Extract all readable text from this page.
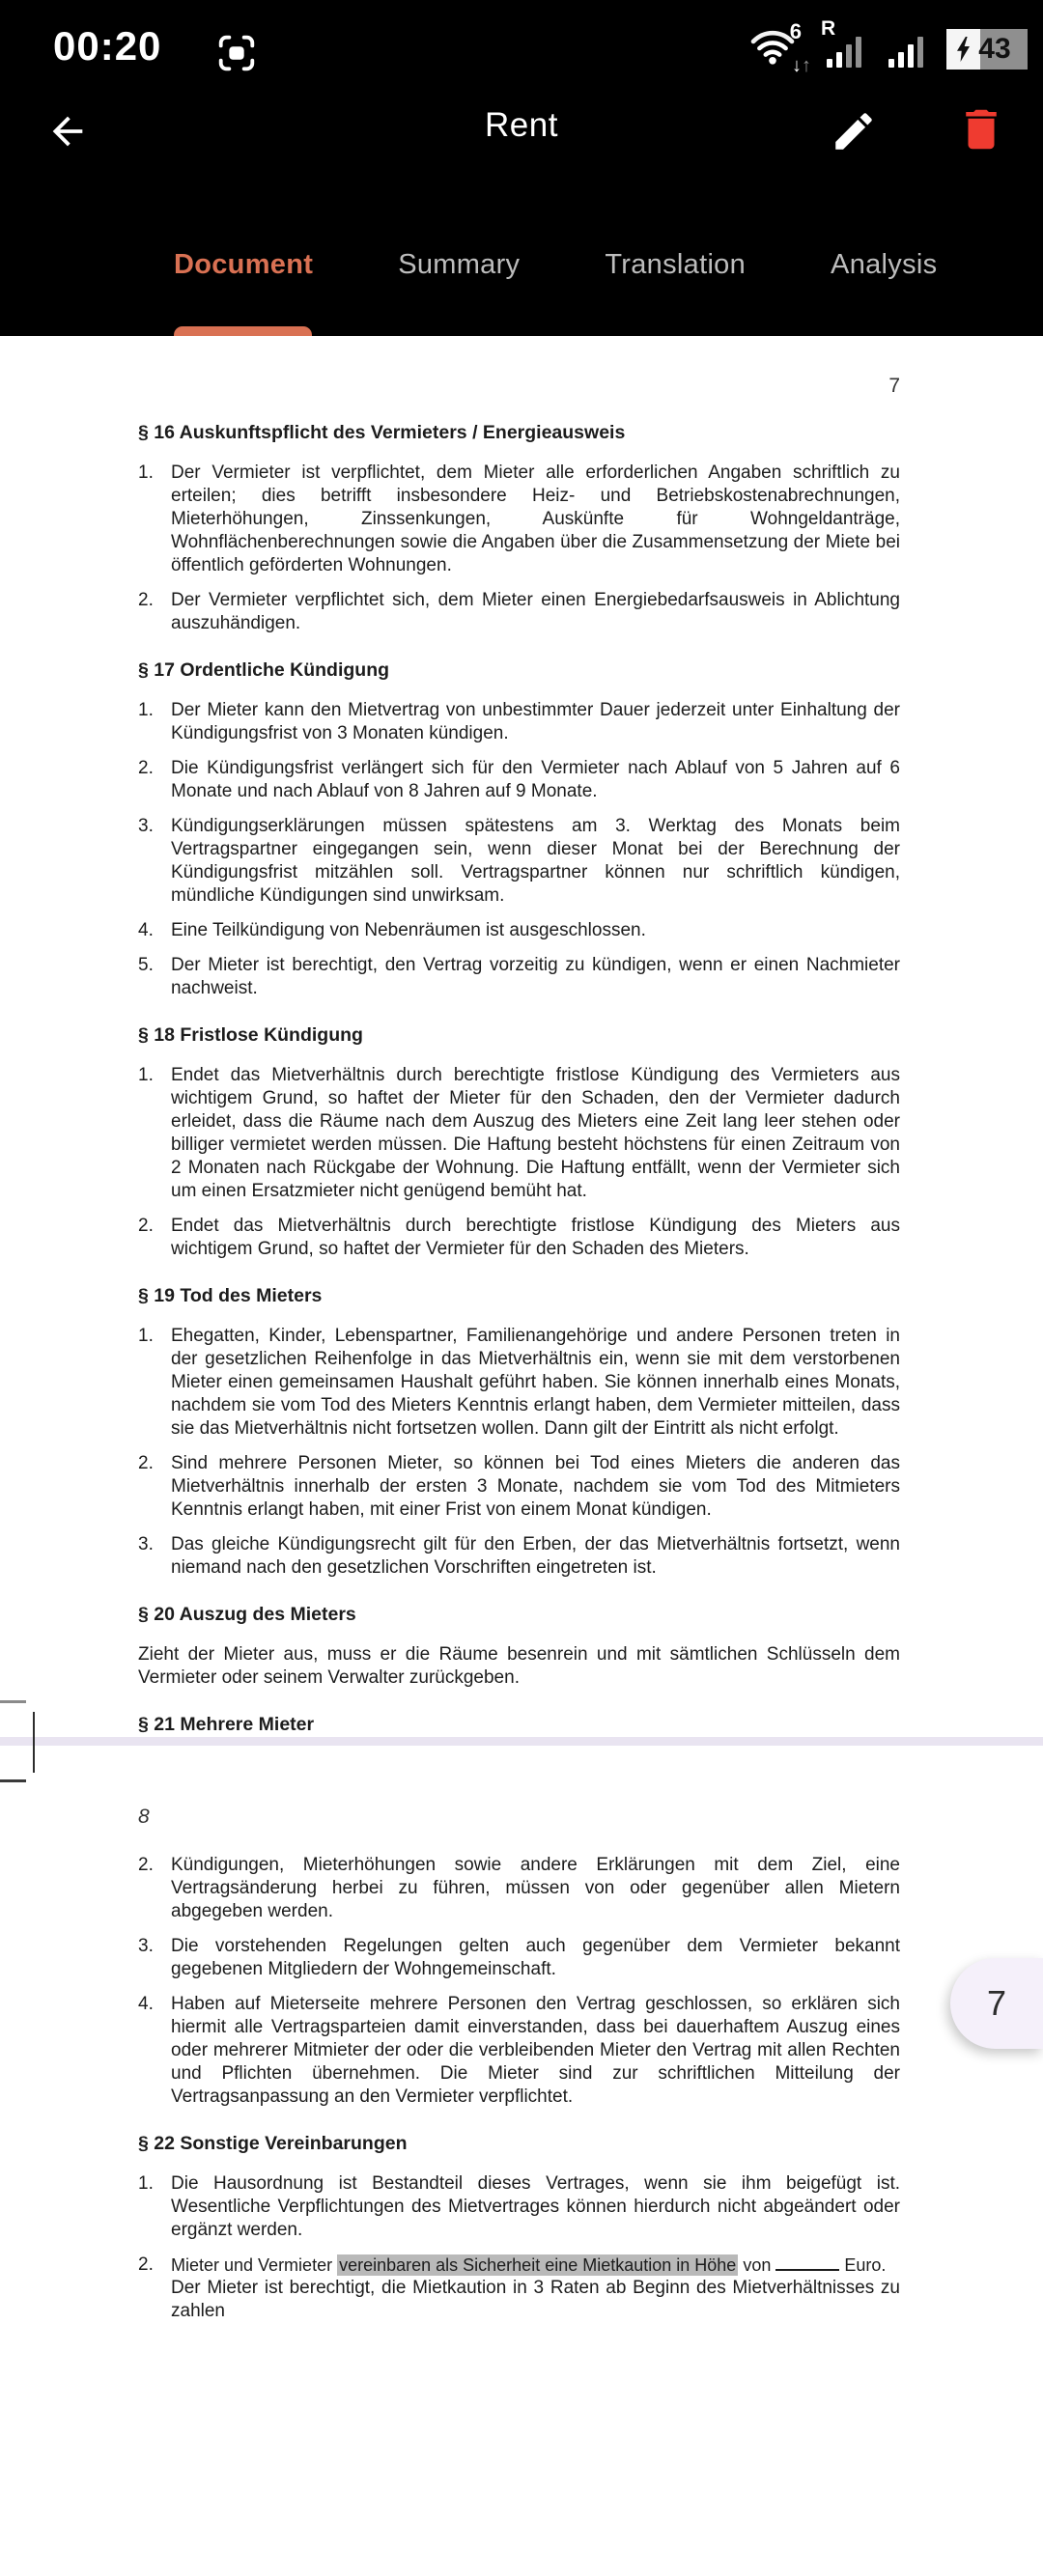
00:20	6
↓↑
R
43
Rent
Document	Summary	Translation	Analysis
7
§ 16 Auskunftspflicht des Vermieters / Energieausweis
1. Der Vermieter ist verpflichtet, dem Mieter alle erforderlichen Angaben schriftlich zu erteilen; dies betrifft insbesondere Heiz- und Betriebskostenabrechnungen, Mieterhöhungen, Zinssenkungen, Auskünfte für Wohngeldanträge, Wohnflächenberechnungen sowie die Angaben über die Zusammensetzung der Miete bei öffentlich geförderten Wohnungen.
2. Der Vermieter verpflichtet sich, dem Mieter einen Energiebedarfsausweis in Ablichtung auszuhändigen.
§ 17 Ordentliche Kündigung
1. Der Mieter kann den Mietvertrag von unbestimmter Dauer jederzeit unter Einhaltung der Kündigungsfrist von 3 Monaten kündigen.
2. Die Kündigungsfrist verlängert sich für den Vermieter nach Ablauf von 5 Jahren auf 6 Monate und nach Ablauf von 8 Jahren auf 9 Monate.
3. Kündigungserklärungen müssen spätestens am 3. Werktag des Monats beim Vertragspartner eingegangen sein, wenn dieser Monat bei der Berechnung der Kündigungsfrist mitzählen soll. Vertragspartner können nur schriftlich kündigen, mündliche Kündigungen sind unwirksam.
4. Eine Teilkündigung von Nebenräumen ist ausgeschlossen.
5. Der Mieter ist berechtigt, den Vertrag vorzeitig zu kündigen, wenn er einen Nachmieter nachweist.
§ 18 Fristlose Kündigung
1. Endet das Mietverhältnis durch berechtigte fristlose Kündigung des Vermieters aus wichtigem Grund, so haftet der Mieter für den Schaden, den der Vermieter dadurch erleidet, dass die Räume nach dem Auszug des Mieters eine Zeit lang leer stehen oder billiger vermietet werden müssen. Die Haftung besteht höchstens für einen Zeitraum von 2 Monaten nach Rückgabe der Wohnung. Die Haftung entfällt, wenn der Vermieter sich um einen Ersatzmieter nicht genügend bemüht hat.
2. Endet das Mietverhältnis durch berechtigte fristlose Kündigung des Mieters aus wichtigem Grund, so haftet der Vermieter für den Schaden des Mieters.
§ 19 Tod des Mieters
1. Ehegatten, Kinder, Lebenspartner, Familienangehörige und andere Personen treten in der gesetzlichen Reihenfolge in das Mietverhältnis ein, wenn sie mit dem verstorbenen Mieter einen gemeinsamen Haushalt geführt haben. Sie können innerhalb eines Monats, nachdem sie vom Tod des Mieters Kenntnis erlangt haben, dem Vermieter mitteilen, dass sie das Mietverhältnis nicht fortsetzen wollen. Dann gilt der Eintritt als nicht erfolgt.
2. Sind mehrere Personen Mieter, so können bei Tod eines Mieters die anderen das Mietverhältnis innerhalb der ersten 3 Monate, nachdem sie vom Tod des Mitmieters Kenntnis erlangt haben, mit einer Frist von einem Monat kündigen.
3. Das gleiche Kündigungsrecht gilt für den Erben, der das Mietverhältnis fortsetzt, wenn niemand nach den gesetzlichen Vorschriften eingetreten ist.
§ 20 Auszug des Mieters
Zieht der Mieter aus, muss er die Räume besenrein und mit sämtlichen Schlüsseln dem Vermieter oder seinem Verwalter zurückgeben.
§ 21 Mehrere Mieter
8
2. Kündigungen, Mieterhöhungen sowie andere Erklärungen mit dem Ziel, eine Vertragsänderung herbei zu führen, müssen von oder gegenüber allen Mietern abgegeben werden.
3. Die vorstehenden Regelungen gelten auch gegenüber dem Vermieter bekannt gegebenen Mitgliedern der Wohngemeinschaft.
4. Haben auf Mieterseite mehrere Personen den Vertrag geschlossen, so erklären sich hiermit alle Vertragsparteien damit einverstanden, dass bei dauerhaftem Auszug eines oder mehrerer Mitmieter der oder die verbleibenden Mieter den Vertrag mit allen Rechten und Pflichten übernehmen. Die Mieter sind zur schriftlichen Mitteilung der Vertragsanpassung an den Vermieter verpflichtet.
§ 22 Sonstige Vereinbarungen
1. Die Hausordnung ist Bestandteil dieses Vertrages, wenn sie ihm beigefügt ist. Wesentliche Verpflichtungen des Mietvertrages können hierdurch nicht abgeändert oder ergänzt werden.
2.	Mieter und Vermieter vereinbaren als Sicherheit eine Mietkaution in Höhe von	Euro.
Der Mieter ist berechtigt, die Mietkaution in 3 Raten ab Beginn des Mietverhältnisses zu zahlen
7
